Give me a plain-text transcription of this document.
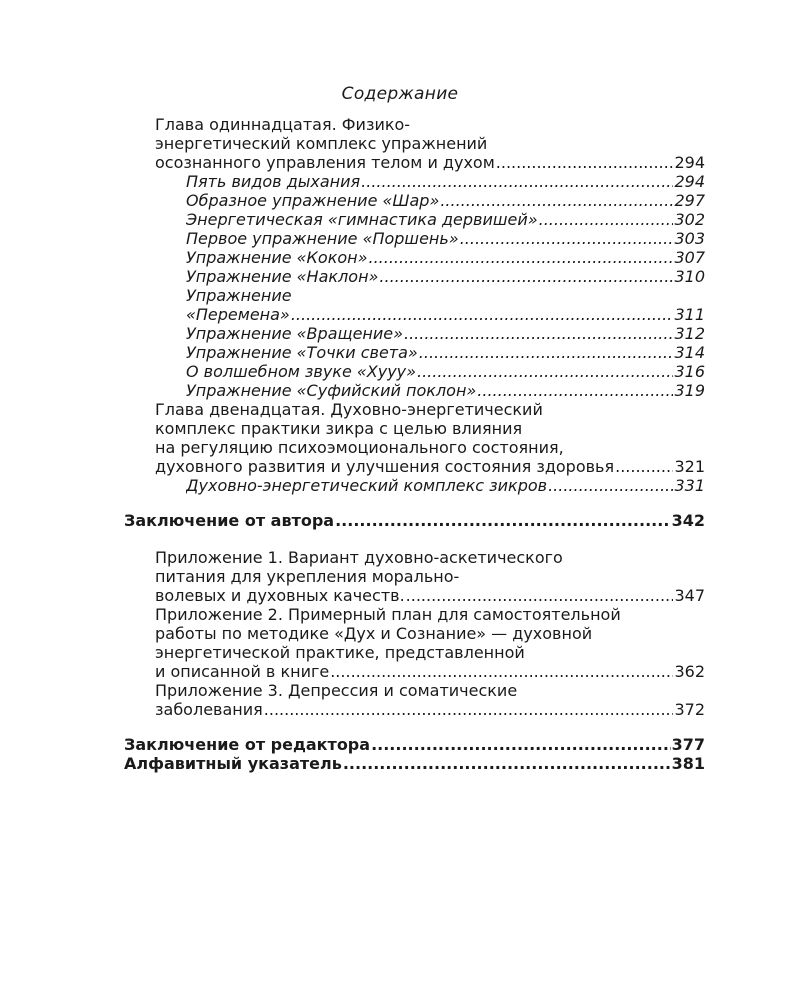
Содержание
Глава одиннадцатая. Физико-
энергетический комплекс упражнений
осознанного управления телом и духом .....	294
Пять видов дыхания .....	294
Образное упражнение «Шар» .....	297
Энергетическая «гимнастика дервишей» .....	302
Первое упражнение «Поршень» .....	303
Упражнение «Кокон» .....	307
Упражнение «Наклон» .....	310
Упражнение
«Перемена» .....	311
Упражнение «Вращение» .....	312
Упражнение «Точки света» .....	314
О волшебном звуке «Хууу» .....	316
Упражнение «Суфийский поклон» .....	319
Глава двенадцатая. Духовно-энергетический
комплекс практики зикра с целью влияния
на регуляцию психоэмоционального состояния,
духовного развития и улучшения состояния здоровья .....	321
Духовно-энергетический комплекс зикров .....	331
Заключение от автора .....	342
Приложение 1. Вариант духовно-аскетического
питания для укрепления морально-
волевых и духовных качеств. .....	347
Приложение 2. Примерный план для самостоятельной
работы по методике «Дух и Сознание» — духовной
энергетической практике, представленной
и описанной в книге .....	362
Приложение 3. Депрессия и соматические
заболевания .....	372
Заключение от редактора .....	377
Алфавитный указатель .....	381
